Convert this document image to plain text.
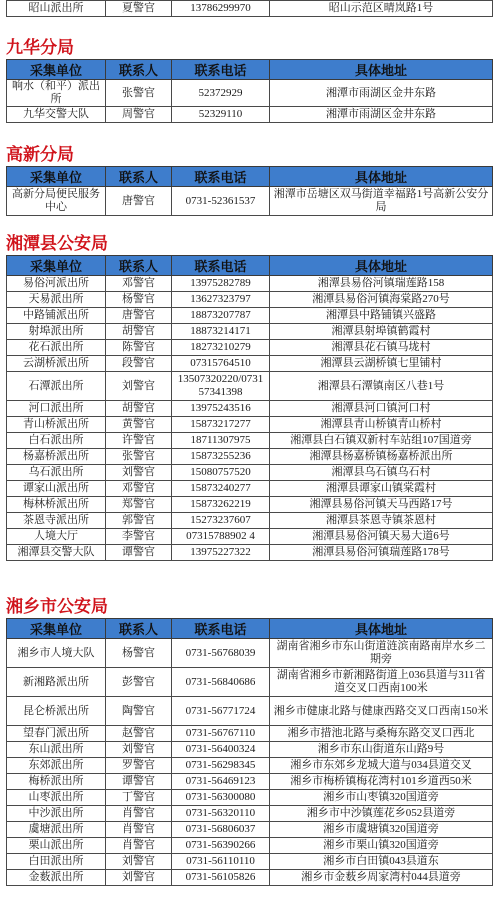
昭山派出所	夏警官	13786299970	昭山示范区晴岚路1号
九华分局
采集单位	联系人	联系电话	具体地址
响水（和平）派出所	张警官	52372929	湘潭市雨湖区金井东路
九华交警大队	周警官	52329110	湘潭市雨湖区金井东路
高新分局
采集单位	联系人	联系电话	具体地址
高新分局便民服务中心	唐警官	0731-52361537	湘潭市岳塘区双马街道幸福路1号高新公安分局
湘潭县公安局
采集单位	联系人	联系电话	具体地址
易俗河派出所	邓警官	13975282789	湘潭县易俗河镇瑞莲路158
天易派出所	杨警官	13627323797	湘潭县易俗河镇海棠路270号
中路铺派出所	唐警官	18873207787	湘潭县中路铺镇兴盛路
射埠派出所	胡警官	18873214171	湘潭县射埠镇鹤霞村
花石派出所	陈警官	18273210279	湘潭县花石镇马垅村
云湖桥派出所	段警官	07315764510	湘潭县云湖桥镇七里铺村
石潭派出所	刘警官	13507320220/0731 57341398	湘潭县石潭镇南区八巷1号
河口派出所	胡警官	13975243516	湘潭县河口镇河口村
青山桥派出所	黄警官	15873217277	湘潭县青山桥镇青山桥村
白石派出所	许警官	18711307975	湘潭县白石镇双新村车站组107国道旁
杨嘉桥派出所	张警官	15873255236	湘潭县杨嘉桥镇杨嘉桥派出所
乌石派出所	刘警官	15080757520	湘潭县乌石镇乌石村
谭家山派出所	邓警官	15873240277	湘潭县谭家山镇棠霞村
梅林桥派出所	郑警官	15873262219	湘潭县易俗河镇天马西路17号
茶恩寺派出所	郭警官	15273237607	湘潭县茶恩寺镇茶恩村
人境大厅	李警官	07315788902 4	湘潭县易俗河镇天易大道6号
湘潭县交警大队	谭警官	13975227322	湘潭县易俗河镇瑞莲路178号
湘乡市公安局
采集单位	联系人	联系电话	具体地址
湘乡市人境大队	杨警官	0731-56768039	湖南省湘乡市东山街道涟滨南路南岸水乡二期旁
新湘路派出所	彭警官	0731-56840686	湖南省湘乡市新湘路街道上036县道与311省道交叉口西南100米
昆仑桥派出所	陶警官	0731-56771724	湘乡市健康北路与健康西路交叉口西南150米
望春门派出所	赵警官	0731-56767110	湘乡市措池北路与桑梅东路交叉口西北
东山派出所	刘警官	0731-56400324	湘乡市东山街道东山路9号
东郊派出所	罗警官	0731-56298345	湘乡市东郊乡龙城大道与034县道交叉
梅桥派出所	谭警官	0731-56469123	湘乡市梅桥镇梅花湾村101乡道西50米
山枣派出所	丁警官	0731-56300080	湘乡市山枣镇320国道旁
中沙派出所	肖警官	0731-56320110	湘乡市中沙镇莲花乡052县道旁
虞塘派出所	肖警官	0731-56806037	湘乡市虞塘镇320国道旁
栗山派出所	肖警官	0731-56390266	湘乡市栗山镇320国道旁
白田派出所	刘警官	0731-56110110	湘乡市白田镇043县道东
金薮派出所	刘警官	0731-56105826	湘乡市金薮乡周家湾村044县道旁
